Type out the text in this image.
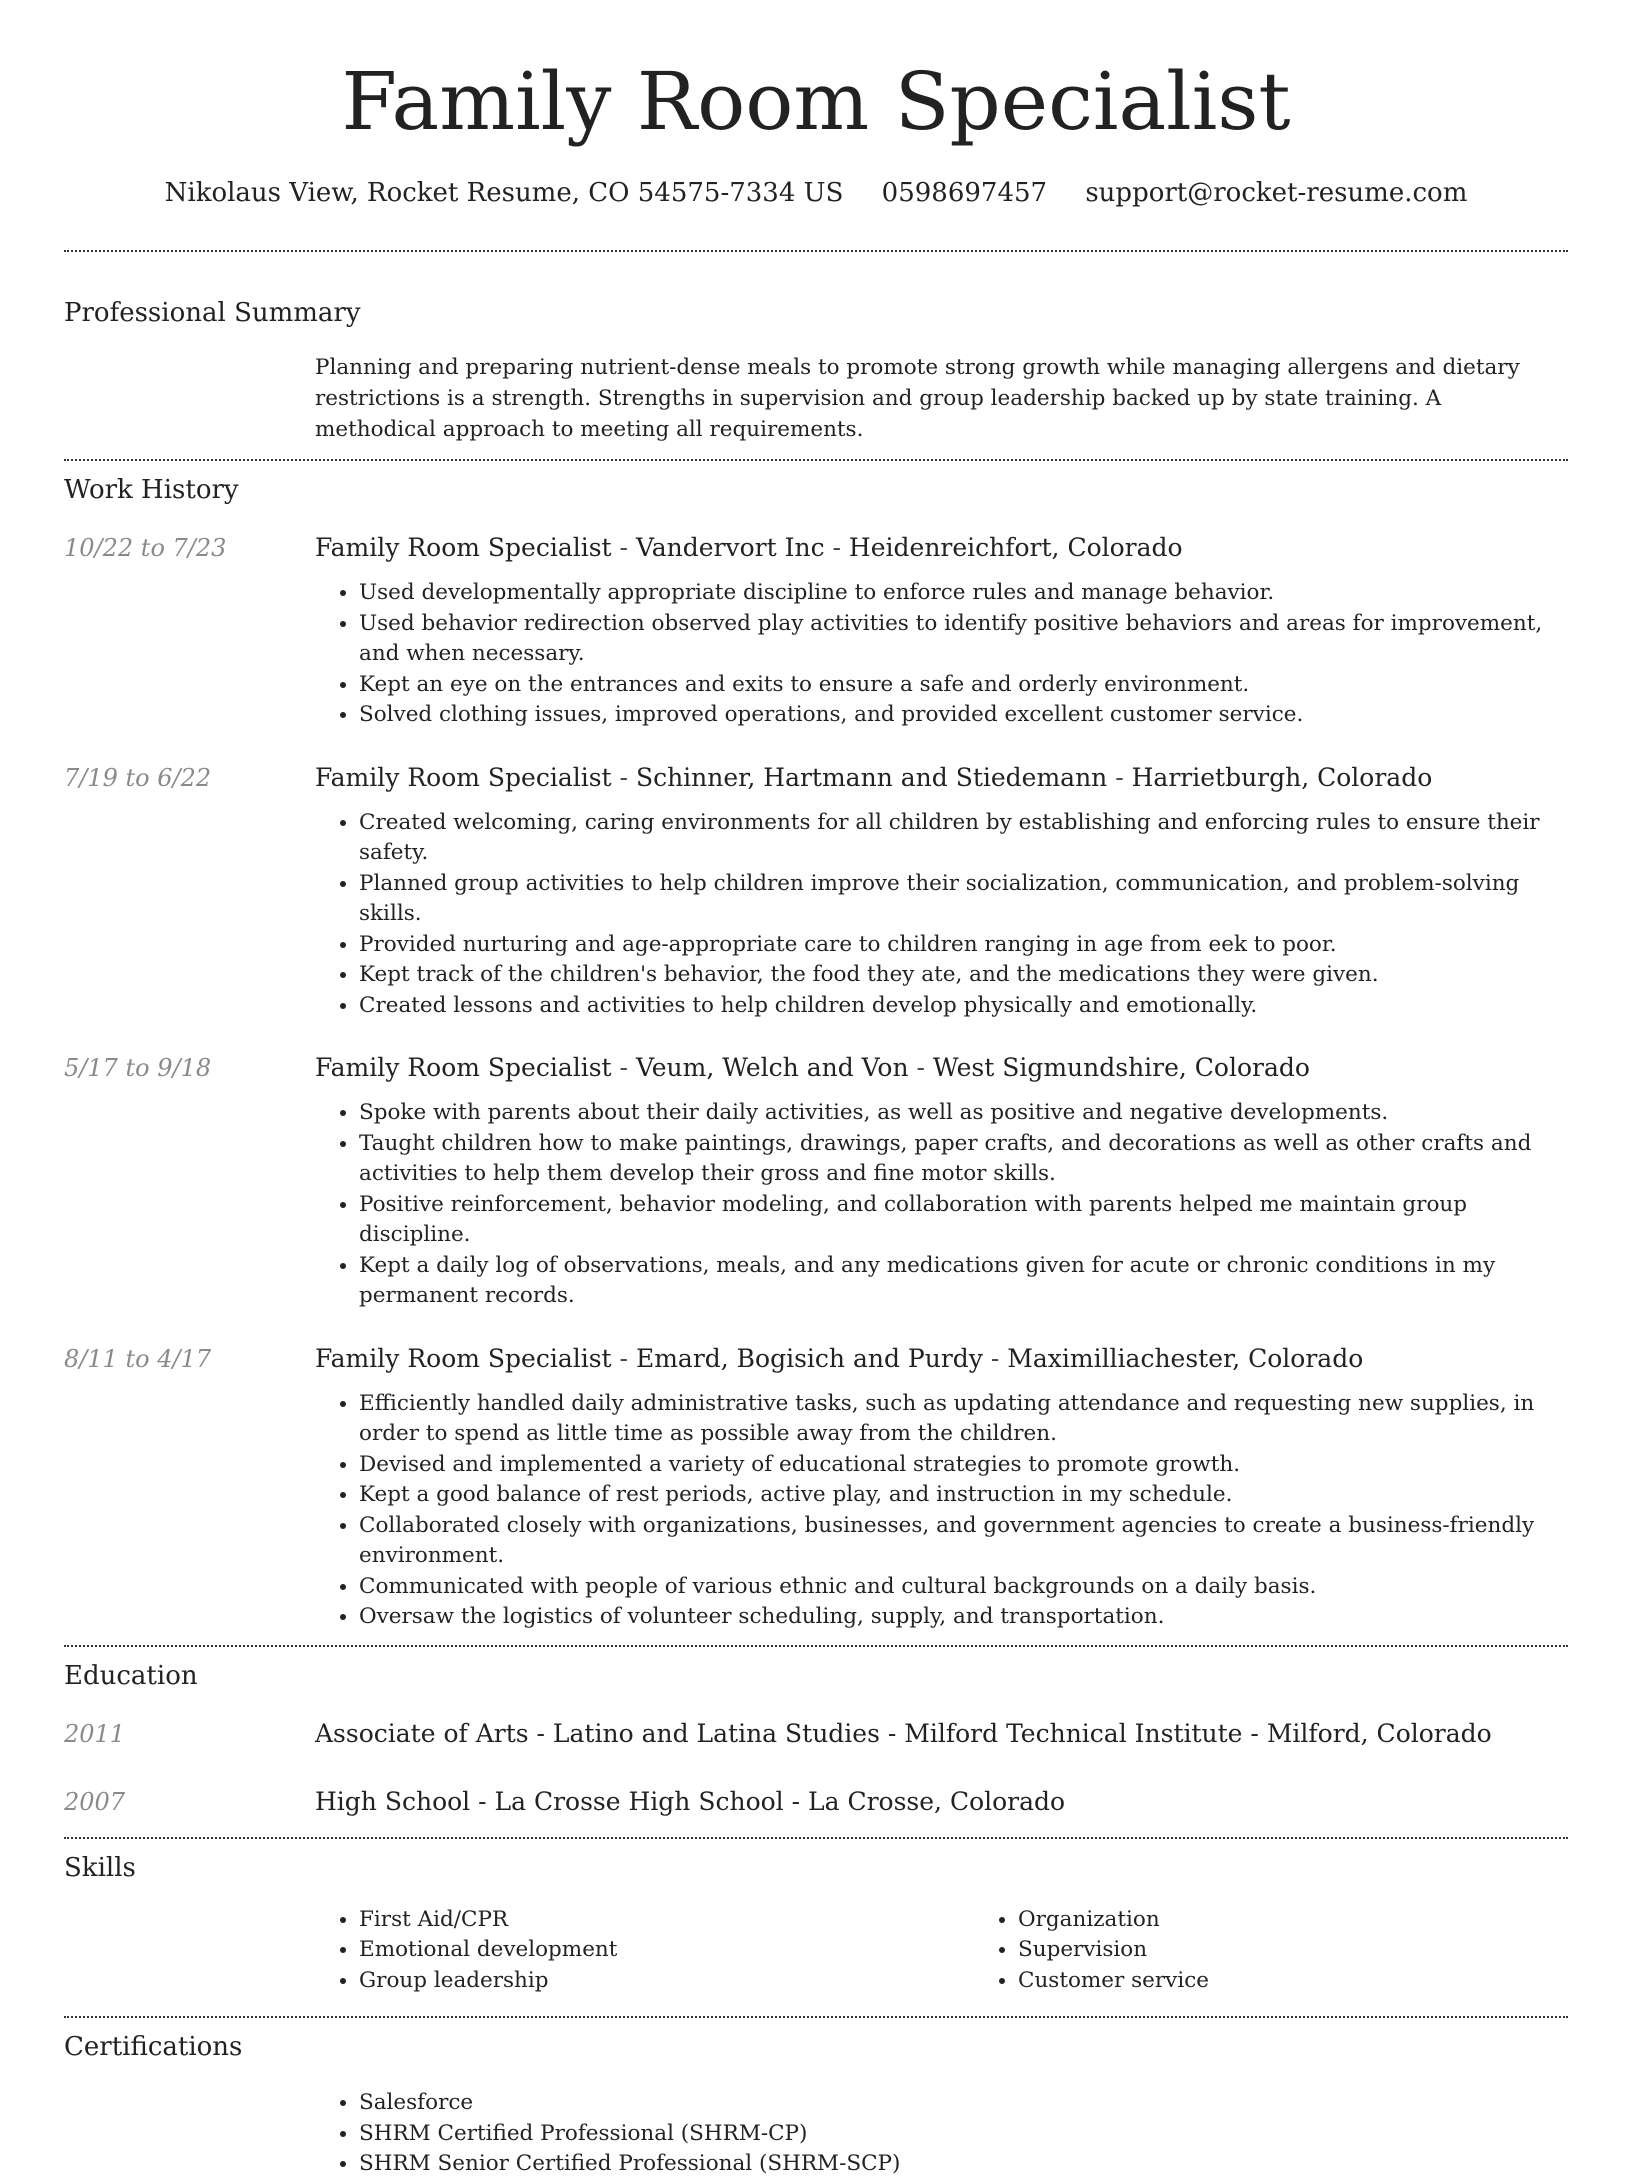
Family Room Specialist
Nikolaus View, Rocket Resume, CO 54575-7334 US 0598697457 support@rocket-resume.com
Professional Summary

Planning and preparing nutrient-dense meals to promote strong growth while managing allergens and dietary restrictions is a strength. Strengths in supervision and group leadership backed up by state training. A methodical approach to meeting all requirements.

Work History
10/22 to 7/23	Family Room Specialist - Vandervort Inc - Heidenreichfort, Colorado
• Used developmentally appropriate discipline to enforce rules and manage behavior.
• Used behavior redirection observed play activities to identify positive behaviors and areas for improvement, and when necessary.
• Kept an eye on the entrances and exits to ensure a safe and orderly environment.
• Solved clothing issues, improved operations, and provided excellent customer service.
7/19 to 6/22	Family Room Specialist - Schinner, Hartmann and Stiedemann - Harrietburgh, Colorado
• Created welcoming, caring environments for all children by establishing and enforcing rules to ensure their safety.
• Planned group activities to help children improve their socialization, communication, and problem-solving skills.
• Provided nurturing and age-appropriate care to children ranging in age from eek to poor.
• Kept track of the children's behavior, the food they ate, and the medications they were given.
• Created lessons and activities to help children develop physically and emotionally.
5/17 to 9/18	Family Room Specialist - Veum, Welch and Von - West Sigmundshire, Colorado
• Spoke with parents about their daily activities, as well as positive and negative developments.
• Taught children how to make paintings, drawings, paper crafts, and decorations as well as other crafts and activities to help them develop their gross and fine motor skills.
• Positive reinforcement, behavior modeling, and collaboration with parents helped me maintain group discipline.
• Kept a daily log of observations, meals, and any medications given for acute or chronic conditions in my permanent records.
8/11 to 4/17	Family Room Specialist - Emard, Bogisich and Purdy - Maximilliachester, Colorado
• Efficiently handled daily administrative tasks, such as updating attendance and requesting new supplies, in order to spend as little time as possible away from the children.
• Devised and implemented a variety of educational strategies to promote growth.
• Kept a good balance of rest periods, active play, and instruction in my schedule.
• Collaborated closely with organizations, businesses, and government agencies to create a business-friendly environment.
• Communicated with people of various ethnic and cultural backgrounds on a daily basis.
• Oversaw the logistics of volunteer scheduling, supply, and transportation.
Education
2011	Associate of Arts - Latino and Latina Studies - Milford Technical Institute - Milford, Colorado
2007	High School - La Crosse High School - La Crosse, Colorado
Skills
• First Aid/CPR
• Emotional development
• Group leadership
• Organization
• Supervision
• Customer service
Certifications
• Salesforce
• SHRM Certified Professional (SHRM-CP)
• SHRM Senior Certified Professional (SHRM-SCP)
